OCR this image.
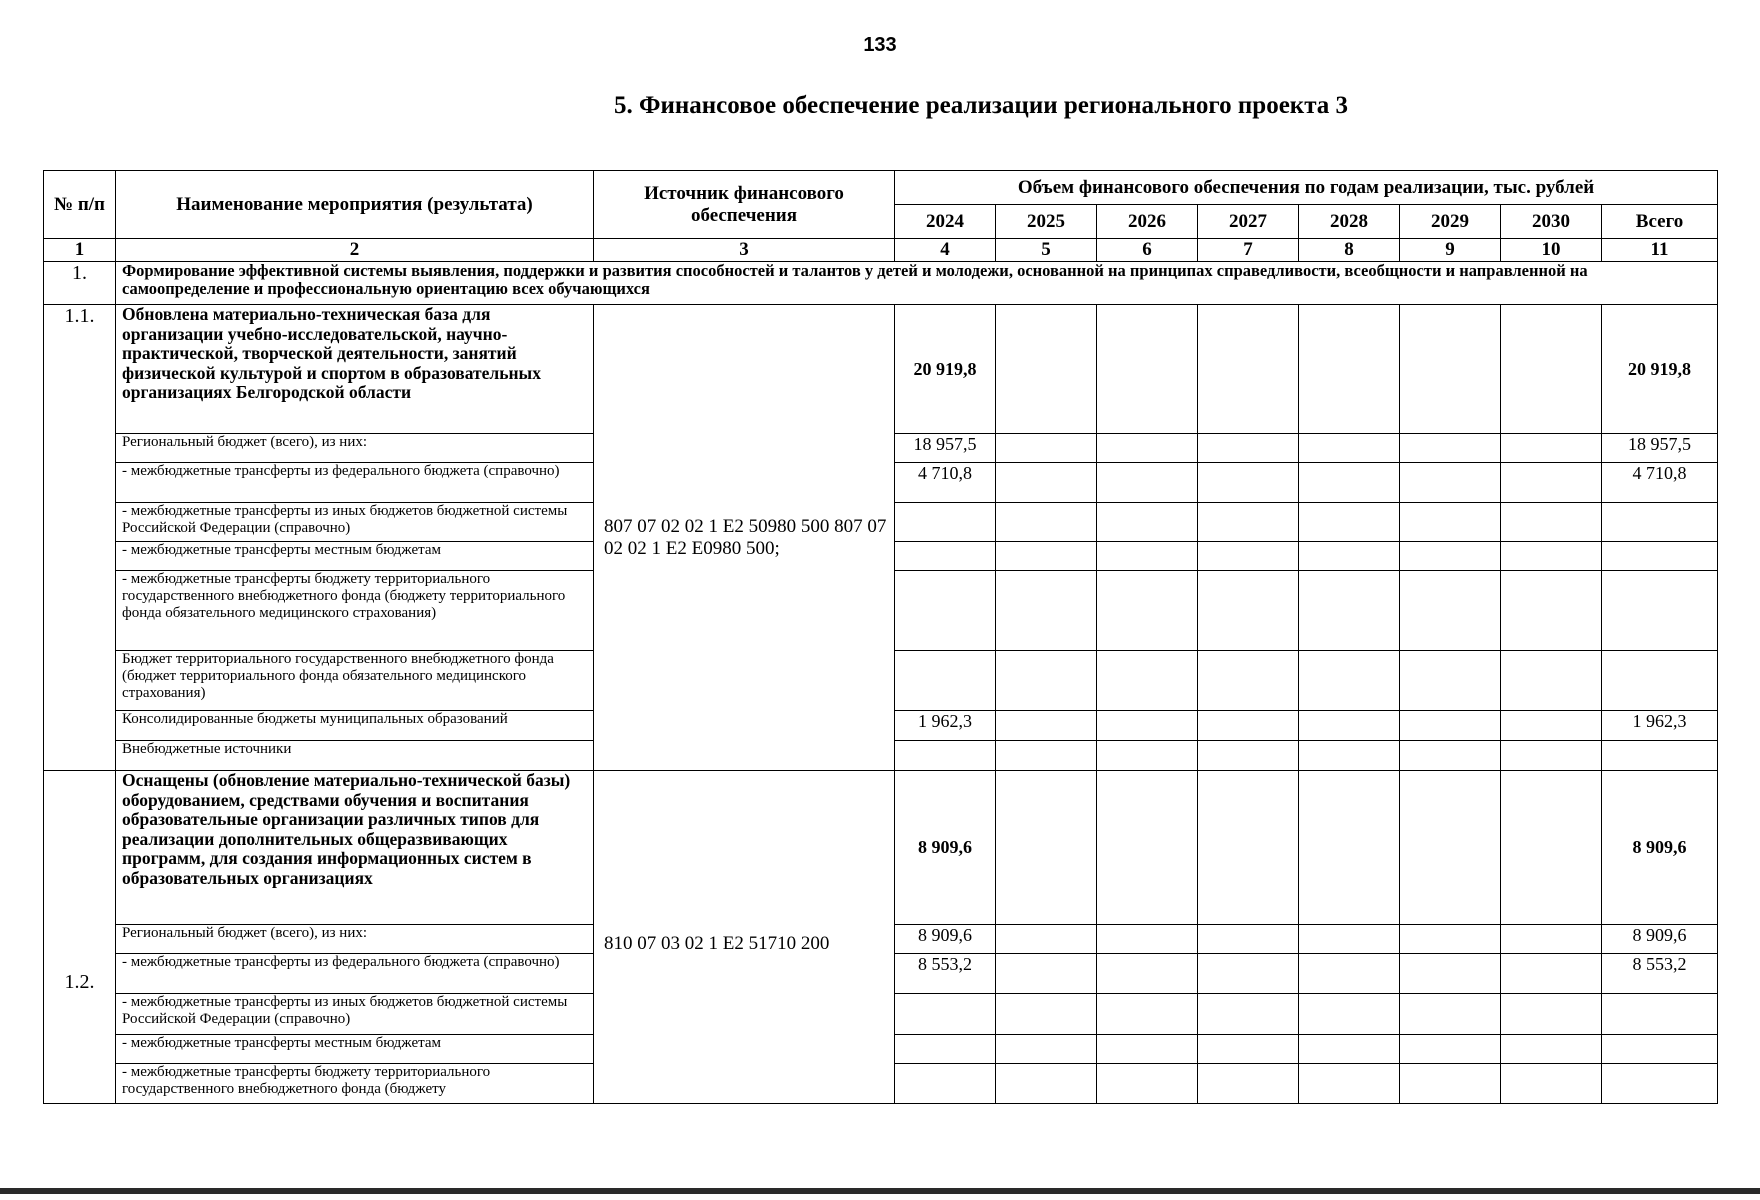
133
5. Финансовое обеспечение реализации регионального проекта 3
№ п/п	Наименование мероприятия (результата)	Источник финансового обеспечения	Объем финансового обеспечения по годам реализации, тыс. рублей							
			2024	2025	2026	2027	2028	2029	2030	Всего
1	2	3	4	5	6	7	8	9	10	11
1.	Формирование эффективной системы выявления, поддержки и развития способностей и талантов у детей и молодежи, основанной на принципах справедливости, всеобщности и направленной на самоопределение и профессиональную ориентацию всех обучающихся									
1.1.	Обновлена материально-техническая база для организации учебно-исследовательской, научно-практической, творческой деятельности, занятий физической культурой и спортом в образовательных организациях Белгородской области	807 07 02 02 1 Е2 50980 500 807 07 02 02 1 Е2 Е0980 500;	20 919,8							20 919,8
	Региональный бюджет (всего), из них:		18 957,5							18 957,5
	- межбюджетные трансферты из федерального бюджета (справочно)		4 710,8							4 710,8
	- межбюджетные трансферты из иных бюджетов бюджетной системы Российской Федерации (справочно)									
	- межбюджетные трансферты местным бюджетам									
	- межбюджетные трансферты бюджету территориального государственного внебюджетного фонда (бюджету территориального фонда обязательного медицинского страхования)									
	Бюджет территориального государственного внебюджетного фонда (бюджет территориального фонда обязательного медицинского страхования)									
	Консолидированные бюджеты муниципальных образований		1 962,3							1 962,3
	Внебюджетные источники									
1.2.	Оснащены (обновление материально-технической базы) оборудованием, средствами обучения и воспитания образовательные организации различных типов для реализации дополнительных общеразвивающих программ, для создания информационных систем в образовательных организациях	810 07 03 02 1 Е2 51710 200	8 909,6							8 909,6
	Региональный бюджет (всего), из них:		8 909,6							8 909,6
	- межбюджетные трансферты из федерального бюджета (справочно)		8 553,2							8 553,2
	- межбюджетные трансферты из иных бюджетов бюджетной системы Российской Федерации (справочно)									
	- межбюджетные трансферты местным бюджетам									
	- межбюджетные трансферты бюджету территориального государственного внебюджетного фонда (бюджету									
